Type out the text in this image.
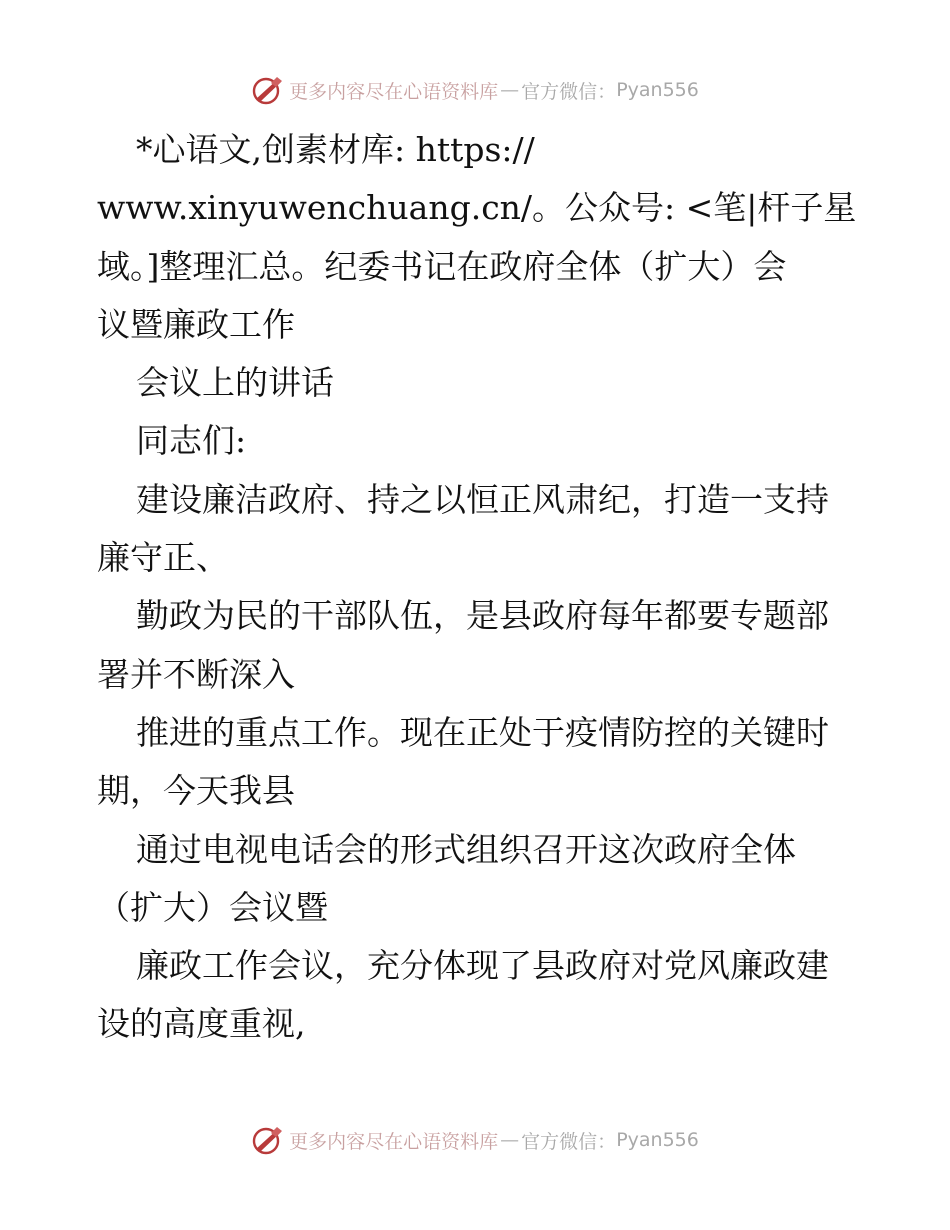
更多内容尽在心语资料库 — 官方微信： Pyan556
*心语文,创素材库: https://
www.xinyuwenchuang.cn/。公众号: <笔|杆子星
域。]整理汇总。纪委书记在政府全体（扩大）会
议暨廉政工作
会议上的讲话
同志们:
建设廉洁政府、持之以恒正风肃纪，打造一支持
廉守正、
勤政为民的干部队伍，是县政府每年都要专题部
署并不断深入
推进的重点工作。现在正处于疫情防控的关键时
期，今天我县
通过电视电话会的形式组织召开这次政府全体
（扩大）会议暨
廉政工作会议，充分体现了县政府对党风廉政建
设的高度重视,
更多内容尽在心语资料库 — 官方微信： Pyan556
